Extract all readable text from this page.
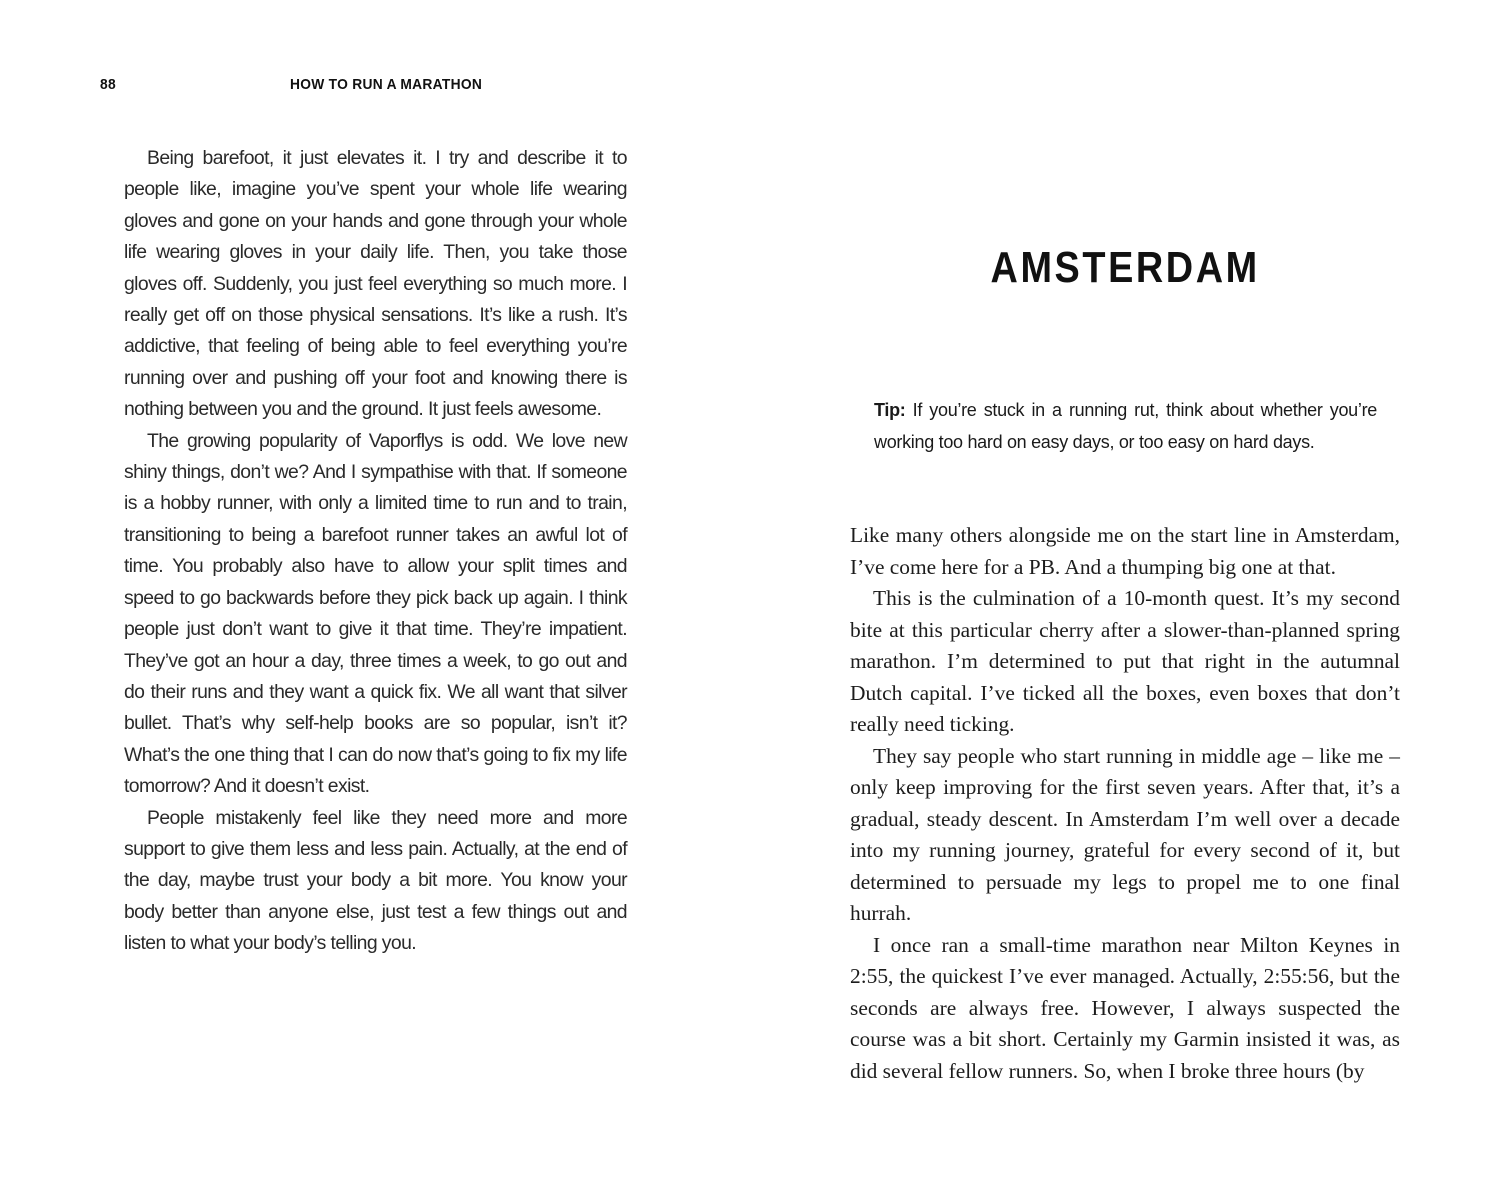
88	HOW TO RUN A MARATHON

Being barefoot, it just elevates it. I try and describe it to people like, imagine you’ve spent your whole life wearing gloves and gone on your hands and gone through your whole life wearing gloves in your daily life. Then, you take those gloves off. Suddenly, you just feel everything so much more. I really get off on those physical sensations. It’s like a rush. It’s addictive, that feeling of being able to feel everything you’re running over and pushing off your foot and knowing there is nothing between you and the ground. It just feels awesome.

The growing popularity of Vaporflys is odd. We love new shiny things, don’t we? And I sympathise with that. If someone is a hobby runner, with only a limited time to run and to train, transitioning to being a barefoot runner takes an awful lot of time. You probably also have to allow your split times and speed to go backwards before they pick back up again. I think people just don’t want to give it that time. They’re impatient. They’ve got an hour a day, three times a week, to go out and do their runs and they want a quick fix. We all want that silver bullet. That’s why self-help books are so popular, isn’t it? What’s the one thing that I can do now that’s going to fix my life tomorrow? And it doesn’t exist.

People mistakenly feel like they need more and more support to give them less and less pain. Actually, at the end of the day, maybe trust your body a bit more. You know your body better than anyone else, just test a few things out and listen to what your body’s telling you.

AMSTERDAM

Tip: If you’re stuck in a running rut, think about whether you’re working too hard on easy days, or too easy on hard days.

Like many others alongside me on the start line in Amsterdam, I’ve come here for a PB. And a thumping big one at that.

This is the culmination of a 10-month quest. It’s my second bite at this particular cherry after a slower-than-planned spring marathon. I’m determined to put that right in the autumnal Dutch capital. I’ve ticked all the boxes, even boxes that don’t really need ticking.

They say people who start running in middle age – like me – only keep improving for the first seven years. After that, it’s a gradual, steady descent. In Amsterdam I’m well over a decade into my running journey, grateful for every second of it, but determined to persuade my legs to propel me to one final hurrah.

I once ran a small-time marathon near Milton Keynes in 2:55, the quickest I’ve ever managed. Actually, 2:55:56, but the seconds are always free. However, I always suspected the course was a bit short. Certainly my Garmin insisted it was, as did several fellow runners. So, when I broke three hours (by
